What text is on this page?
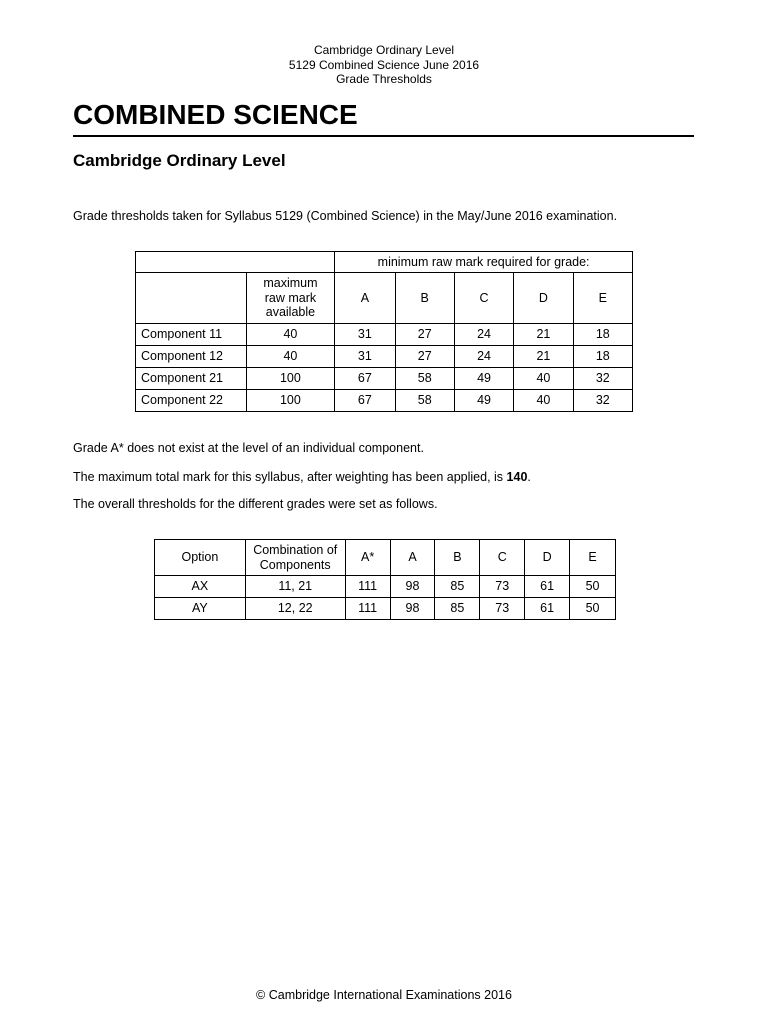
Cambridge Ordinary Level
5129 Combined Science June 2016
Grade Thresholds
COMBINED SCIENCE
Cambridge Ordinary Level

Grade thresholds taken for Syllabus 5129 (Combined Science) in the May/June 2016 examination.

		minimum raw mark required for grade:				
	maximum raw mark available	A	B	C	D	E
Component 11	40	31	27	24	21	18
Component 12	40	31	27	24	21	18
Component 21	100	67	58	49	40	32
Component 22	100	67	58	49	40	32

Grade A* does not exist at the level of an individual component.

The maximum total mark for this syllabus, after weighting has been applied, is 140.

The overall thresholds for the different grades were set as follows.

Option	Combination of Components	A*	A	B	C	D	E
AX	11, 21	111	98	85	73	61	50
AY	12, 22	111	98	85	73	61	50
© Cambridge International Examinations 2016
